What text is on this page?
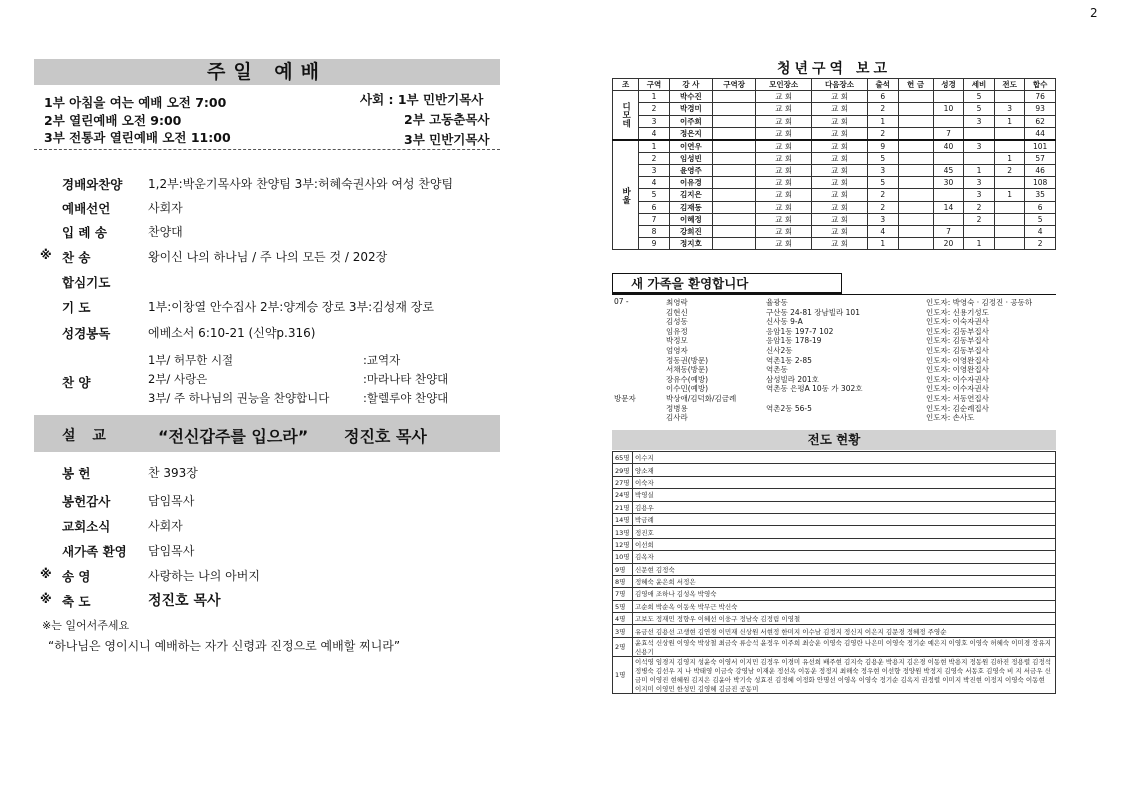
2
주일 예배
1부 아침을 여는 예배 오전 7:00	사회 : 1부 민반기목사
2부 열린예배 오전 9:00	2부 고동춘목사
3부 전통과 열린예배 오전 11:00	3부 민반기목사
경배와찬양 1,2부:박운기목사와 찬양팀 3부:허혜숙권사와 여성 찬양팀
예배선언	사회자
입 례 송	찬양대
※ 찬 송	왕이신 나의 하나님 / 주 나의 모든 것 / 202장
합심기도
기 도	1부:이창열 안수집사 2부:양계승 장로 3부:김성재 장로
성경봉독	에베소서 6:10-21 (신약p.316)
찬 양
1부/ 허무한 시절	:교역자
2부/ 사랑은	:마라나타 찬양대
3부/ 주 하나님의 권능을 찬양합니다	:할렐루야 찬양대
설 교	“전신갑주를 입으라” 정진호 목사
봉 헌	찬 393장
봉헌감사	담임목사
교회소식	사회자
새가족 환영 담임목사
※ 송 영	사랑하는 나의 아버지
※ 축 도	정진호 목사
※는 일어서주세요
“하나님은 영이시니 예배하는 자가 신령과 진정으로 예배할 찌니라”
청년구역 보고
조	구역	강 사	구역장	모인장소	다음장소	출석	헌 금	성경	세비	전도	합수
디모데	1	박수진		교 회	교 회	6			5		76
	2	박경미		교 회	교 회	2		10	5	3	93
	3	이주희		교 회	교 회	1			3	1	62
	4	정은지		교 회	교 회	2		7			44
바울	1	이연우		교 회	교 회	9		40	3		101
	2	임성빈		교 회	교 회	5				1	57
	3	윤영주		교 회	교 회	3		45	1	2	46
	4	이유경		교 회	교 회	5		30	3		108
	5	김지은		교 회	교 회	2			3	1	35
	6	김재동		교 회	교 회	2		14	2		6
	7	이혜정		교 회	교 회	3			2		5
	8	강희진		교 회	교 회	4		7			4
	9	정지호		교 회	교 회	1		20	1		2
새 가족을 환영합니다
07 -	최영락	율광동	인도자: 박영숙 · 김정진 · 공동하
김현신	구산동 24-81 장남빌라 101	인도자: 신용기성도
김성동	신사동 9-A	인도자: 이숙자권사
임유정	응암1동 197-7 102	인도자: 김동부집사
박정모	응암1동 178-19	인도자: 김동부집사
엄영자	신사2동	인도자: 김동부집사
정동권(방문)	역촌1동 2-85	인도자: 이영완집사
서채동(방문)	역촌동	인도자: 이영완집사
장유수(예방)	삼성빌라 201호	인도자: 이수자권사
이수민(예방)	역촌동 은평A 10동 가 302호	인도자: 이수자권사
방문자	박상애/김덕화/김금례	인도자: 서동연집사
정병용	역촌2동 56-5	인도자: 김순례집사
김사라	인도자: 손사도
전도 현황
65명	이수지
29명	양소재
27명	이숙자
24명	박영실
21명	김용우
14명	박금례
13명	정진호
12명	이선희
10명	김옥자
9명	신문현 김정숙
8명	정혜숙 윤은희 서정은
7명	김영애 조하나 김성옥 박영숙
5명	고순희 박순옥 이동욱 박무근 박신숙
4명	고보도 정재민 정향우 이혜선 이웅구 정남숙 김정림 이영철
3명	유금선 김용선 고생현 김연경 이민재 신상원 서현정 한미지 이수남 김정지 정신지 이은지 김문경 정혜정 주영순
2명	윤효석 신상원 이영숙 박상철 최금숙 류승석 윤정우 이주희 최승운 이영숙 김영란 나은미 이영숙 정기순 예은지 이영호 이영숙 허혜숙 이미경 장유지 신용기
1명	이석영 임경지 김영지 성윤숙 이영서 이지민 김정우 이경미 유선희 배주현 김지숙 김용운 박용지 김은경 이동현 박용지 정동원 김하진 정용렬 김정석 정병숙 김선우 지 나 박태영 이금숙 강영남 이재운 정선옥 이동운 정정지 최해숙 정우현 이선향 정양원 박정지 김영숙 서동호 김영숙 비 지 서금우 신금미 이영진 현혜원 김지은 김윤아 박기숙 성효진 김정혜 이정화 안명선 이영옥 이영숙 정기순 김옥지 권정렬 이미지 박진현 이정지 이영숙 이동현 이지미 이영민 한성민 김영혜 김금진 공동미
